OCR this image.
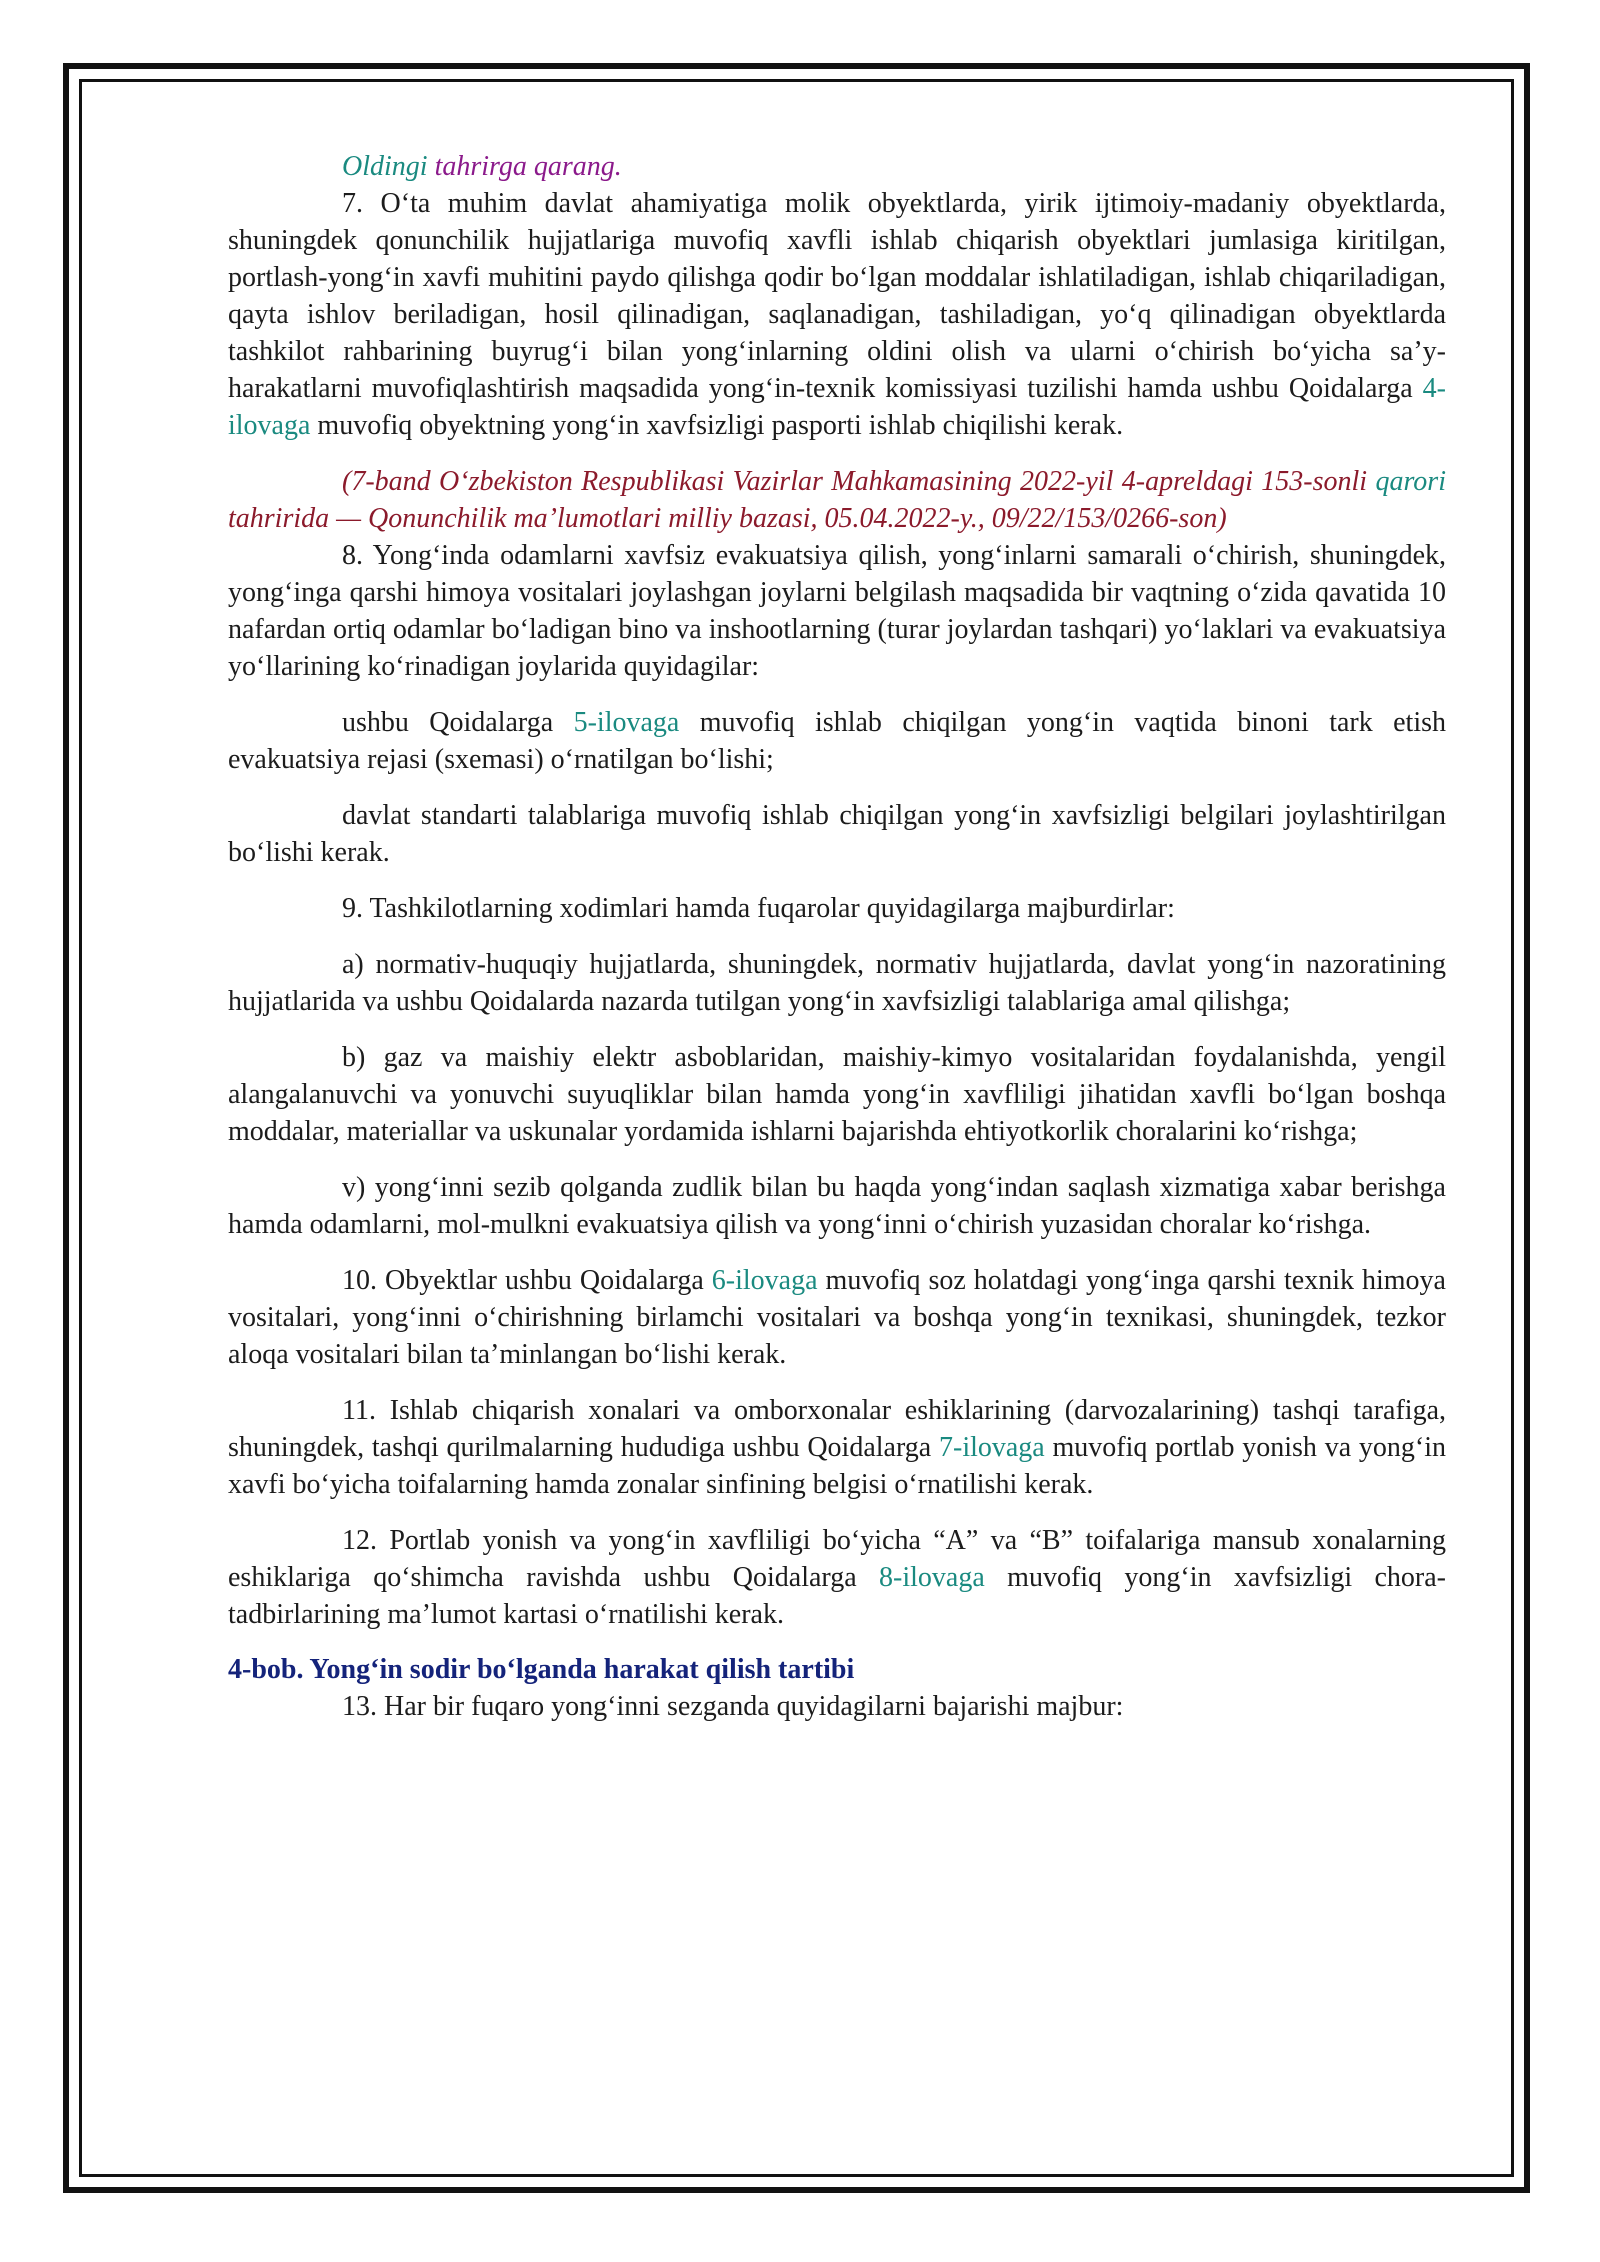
Oldingi tahrirga qarang.

7. O‘ta muhim davlat ahamiyatiga molik obyektlarda, yirik ijtimoiy-madaniy obyektlarda, shuningdek qonunchilik hujjatlariga muvofiq xavfli ishlab chiqarish obyektlari jumlasiga kiritilgan, portlash-yong‘in xavfi muhitini paydo qilishga qodir bo‘lgan moddalar ishlatiladigan, ishlab chiqariladigan, qayta ishlov beriladigan, hosil qilinadigan, saqlanadigan, tashiladigan, yo‘q qilinadigan obyektlarda tashkilot rahbarining buyrug‘i bilan yong‘inlarning oldini olish va ularni o‘chirish bo‘yicha sa’y-harakatlarni muvofiqlashtirish maqsadida yong‘in-texnik komissiyasi tuzilishi hamda ushbu Qoidalarga 4-ilovaga muvofiq obyektning yong‘in xavfsizligi pasporti ishlab chiqilishi kerak.

(7-band O‘zbekiston Respublikasi Vazirlar Mahkamasining 2022-yil 4-apreldagi 153-sonli qarori tahririda — Qonunchilik ma’lumotlari milliy bazasi, 05.04.2022-y., 09/22/153/0266-son)

8. Yong‘inda odamlarni xavfsiz evakuatsiya qilish, yong‘inlarni samarali o‘chirish, shuningdek, yong‘inga qarshi himoya vositalari joylashgan joylarni belgilash maqsadida bir vaqtning o‘zida qavatida 10 nafardan ortiq odamlar bo‘ladigan bino va inshootlarning (turar joylardan tashqari) yo‘laklari va evakuatsiya yo‘llarining ko‘rinadigan joylarida quyidagilar:

ushbu Qoidalarga 5-ilovaga muvofiq ishlab chiqilgan yong‘in vaqtida binoni tark etish evakuatsiya rejasi (sxemasi) o‘rnatilgan bo‘lishi;

davlat standarti talablariga muvofiq ishlab chiqilgan yong‘in xavfsizligi belgilari joylashtirilgan bo‘lishi kerak.

9. Tashkilotlarning xodimlari hamda fuqarolar quyidagilarga majburdirlar:

a) normativ-huquqiy hujjatlarda, shuningdek, normativ hujjatlarda, davlat yong‘in nazoratining hujjatlarida va ushbu Qoidalarda nazarda tutilgan yong‘in xavfsizligi talablariga amal qilishga;

b) gaz va maishiy elektr asboblaridan, maishiy-kimyo vositalaridan foydalanishda, yengil alangalanuvchi va yonuvchi suyuqliklar bilan hamda yong‘in xavfliligi jihatidan xavfli bo‘lgan boshqa moddalar, materiallar va uskunalar yordamida ishlarni bajarishda ehtiyotkorlik choralarini ko‘rishga;

v) yong‘inni sezib qolganda zudlik bilan bu haqda yong‘indan saqlash xizmatiga xabar berishga hamda odamlarni, mol-mulkni evakuatsiya qilish va yong‘inni o‘chirish yuzasidan choralar ko‘rishga.

10. Obyektlar ushbu Qoidalarga 6-ilovaga muvofiq soz holatdagi yong‘inga qarshi texnik himoya vositalari, yong‘inni o‘chirishning birlamchi vositalari va boshqa yong‘in texnikasi, shuningdek, tezkor aloqa vositalari bilan ta’minlangan bo‘lishi kerak.

11. Ishlab chiqarish xonalari va omborxonalar eshiklarining (darvozalarining) tashqi tarafiga, shuningdek, tashqi qurilmalarning hududiga ushbu Qoidalarga 7-ilovaga muvofiq portlab yonish va yong‘in xavfi bo‘yicha toifalarning hamda zonalar sinfining belgisi o‘rnatilishi kerak.

12. Portlab yonish va yong‘in xavfliligi bo‘yicha “A” va “B” toifalariga mansub xonalarning eshiklariga qo‘shimcha ravishda ushbu Qoidalarga 8-ilovaga muvofiq yong‘in xavfsizligi chora-tadbirlarining ma’lumot kartasi o‘rnatilishi kerak.

4-bob. Yong‘in sodir bo‘lganda harakat qilish tartibi

13. Har bir fuqaro yong‘inni sezganda quyidagilarni bajarishi majbur:
